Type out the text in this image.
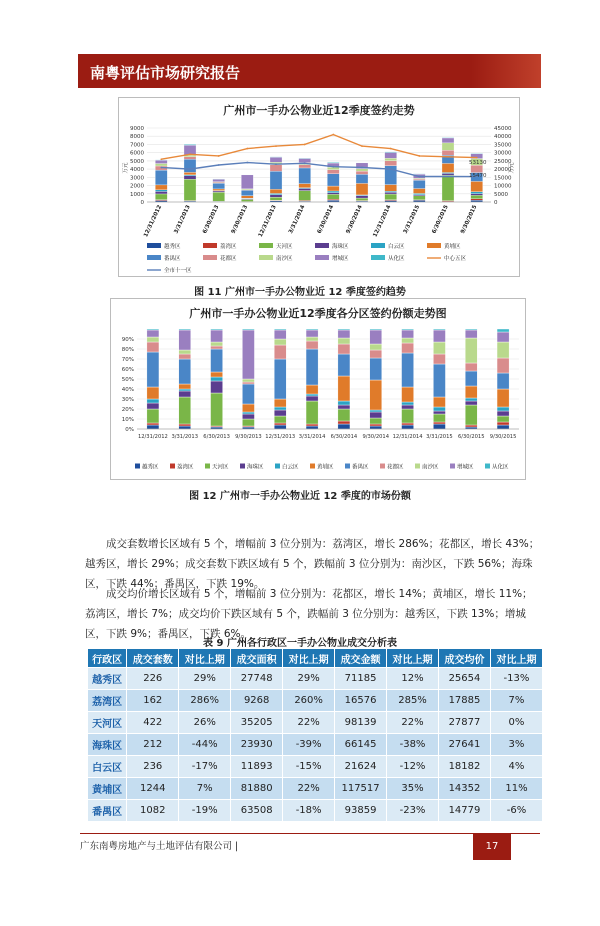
南粤评估市场研究报告
广州市一手办公物业近12季度签约走势
0
1000
2000
3000
4000
5000
6000
7000
8000
9000
0
5000
10000
15000
20000
25000
30000
35000
40000
45000
万元	万元
12/31/2012 3/31/2013 6/30/2013 9/30/2013 12/31/2013 3/31/2014 6/30/2014 9/30/2014 12/31/2014 3/31/2015 6/30/2015 9/30/2015
53130
15470
越秀区	荔湾区	天河区	海珠区	白云区	黄埔区
番禺区	花都区	南沙区	增城区	从化区	中心五区
全市十一区
图 11 广州市一手办公物业近 12 季度签约趋势
广州市一手办公物业近12季度各分区签约份额走势图
0%
10%
20%
30%
40%
50%
60%
70%
80%
90%
12/31/2012 3/31/2013 6/30/2013 9/30/2013 12/31/2013 3/31/2014 6/30/2014 9/30/2014 12/31/2014 3/31/2015 6/30/2015 9/30/2015
越秀区	荔湾区	天河区	海珠区	白云区	黄埔区	番禺区	花都区	南沙区	增城区	从化区
图 12 广州市一手办公物业近 12 季度的市场份额
成交套数增长区域有 5 个，增幅前 3 位分别为：荔湾区，增长 286%；花都区，增长 43%；越秀区，增长 29%；成交套数下跌区域有 5 个，跌幅前 3 位分别为：南沙区，下跌 56%；海珠区，下跌 44%；番禺区，下跌 19%。
成交均价增长区域有 5 个，增幅前 3 位分别为：花都区，增长 14%；黄埔区，增长 11%；荔湾区，增长 7%；成交均价下跌区域有 5 个，跌幅前 3 位分别为：越秀区，下跌 13%；增城区，下跌 9%；番禺区，下跌 6%。
表 9 广州各行政区一手办公物业成交分析表
行政区	成交套数	对比上期	成交面积	对比上期	成交金额	对比上期	成交均价	对比上期
越秀区	226	29%	27748	29%	71185	12%	25654	-13%
荔湾区	162	286%	9268	260%	16576	285%	17885	7%
天河区	422	26%	35205	22%	98139	22%	27877	0%
海珠区	212	-44%	23930	-39%	66145	-38%	27641	3%
白云区	236	-17%	11893	-15%	21624	-12%	18182	4%
黄埔区	1244	7%	81880	22%	117517	35%	14352	11%
番禺区	1082	-19%	63508	-18%	93859	-23%	14779	-6%
广东南粤房地产与土地评估有限公司 |	17
